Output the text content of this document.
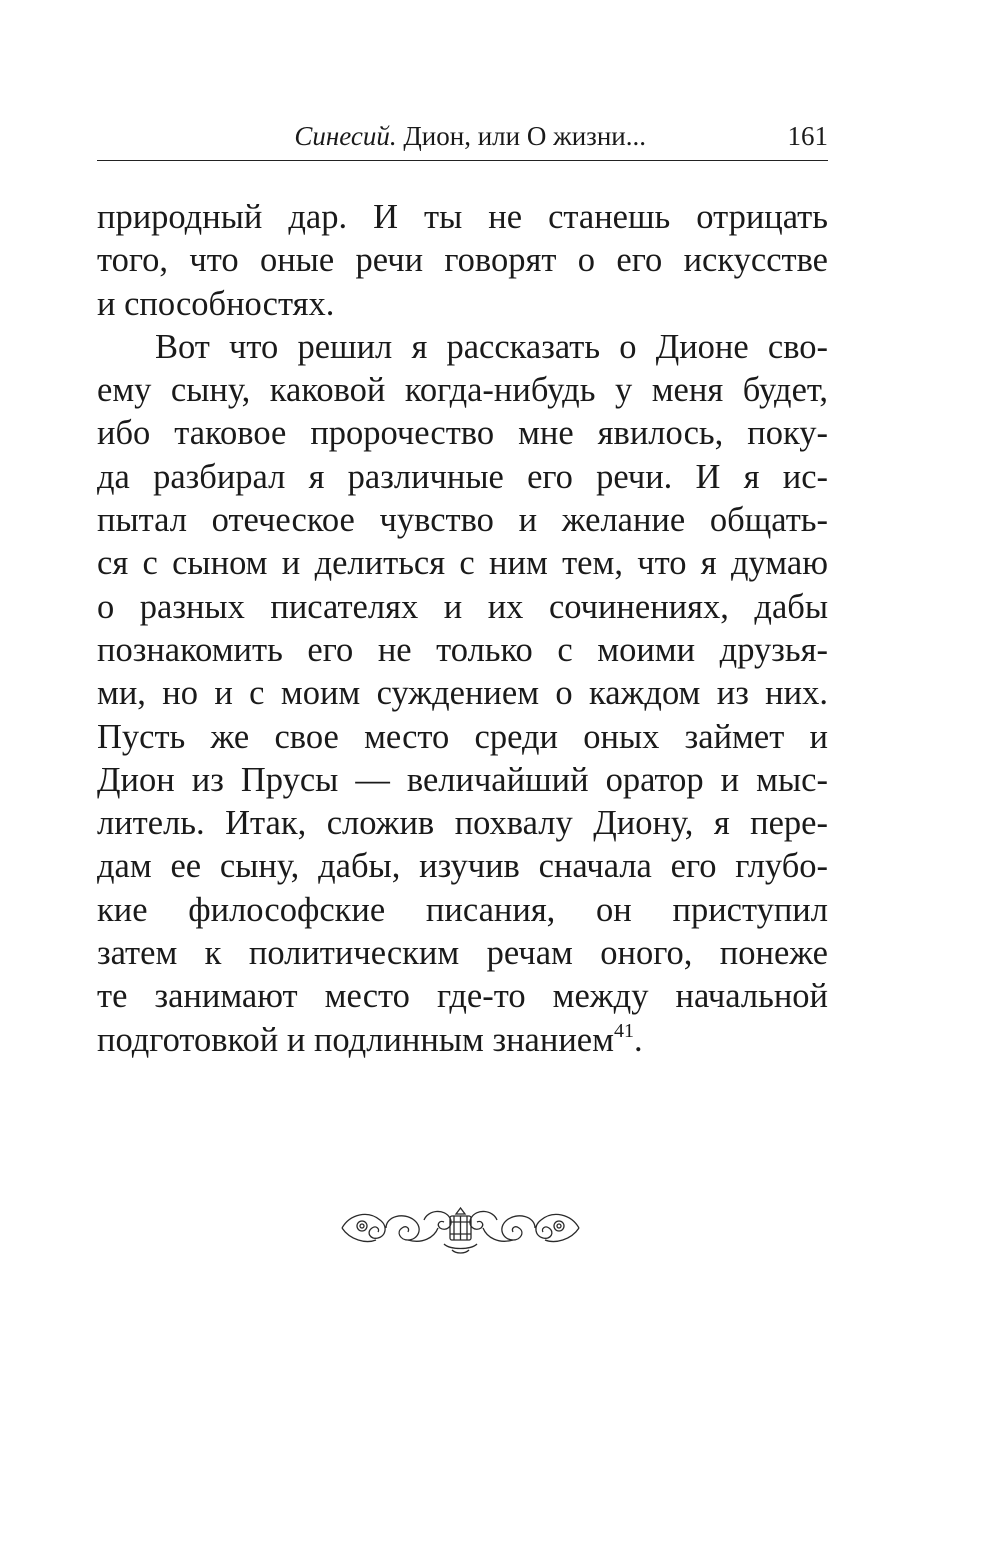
Синесий. Дион, или О жизни...	161
природный дар. И ты не станешь отрицать
того, что оные речи говорят о его искусстве
и способностях.
Вот что решил я рассказать о Дионе сво-
ему сыну, каковой когда-нибудь у меня будет,
ибо таковое пророчество мне явилось, поку-
да разбирал я различные его речи. И я ис-
пытал отеческое чувство и желание общать-
ся с сыном и делиться с ним тем, что я думаю
о разных писателях и их сочинениях, дабы
познакомить его не только с моими друзья-
ми, но и с моим суждением о каждом из них.
Пусть же свое место среди оных займет и
Дион из Прусы — величайший оратор и мыс-
литель. Итак, сложив похвалу Диону, я пере-
дам ее сыну, дабы, изучив сначала его глубо-
кие философские писания, он приступил
затем к политическим речам оного, понеже
те занимают место где-то между начальной
подготовкой и подлинным знанием$^{41}$.
